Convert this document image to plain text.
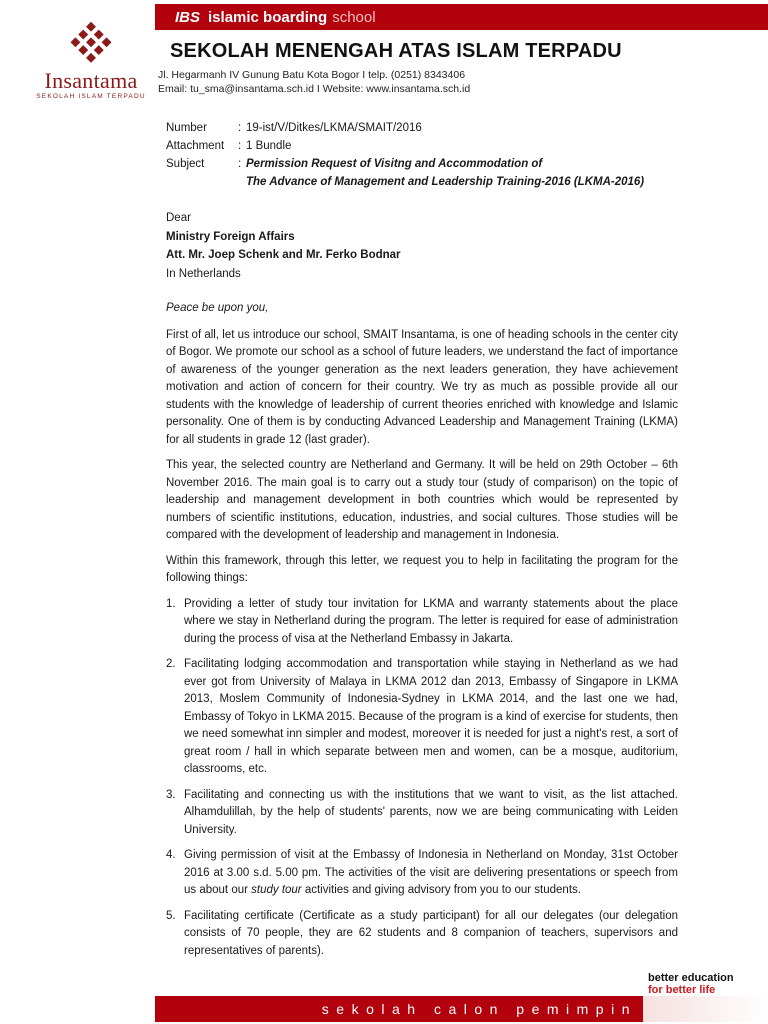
Insantama
SEKOLAH ISLAM TERPADU
IBS islamic boarding school
SEKOLAH MENENGAH ATAS ISLAM TERPADU
Jl. Hegarmanh IV Gunung Batu Kota Bogor I telp. (0251) 8343406
Email: tu_sma@insantama.sch.id I Website: www.insantama.sch.id
Number	: 19-ist/V/Ditkes/LKMA/SMAIT/2016
Attachment	: 1 Bundle
Subject	: Permission Request of Visitng and Accommodation of
The Advance of Management and Leadership Training-2016 (LKMA-2016)
Dear
Ministry Foreign Affairs
Att. Mr. Joep Schenk and Mr. Ferko Bodnar
In Netherlands

Peace be upon you,

First of all, let us introduce our school, SMAIT Insantama, is one of heading schools in the center city of Bogor. We promote our school as a school of future leaders, we understand the fact of importance of awareness of the younger generation as the next leaders generation, they have achievement motivation and action of concern for their country. We try as much as possible provide all our students with the knowledge of leadership of current theories enriched with knowledge and Islamic personality. One of them is by conducting Advanced Leadership and Management Training (LKMA) for all students in grade 12 (last grader).

This year, the selected country are Netherland and Germany. It will be held on 29th October – 6th November 2016. The main goal is to carry out a study tour (study of comparison) on the topic of leadership and management development in both countries which would be represented by numbers of scientific institutions, education, industries, and social cultures. Those studies will be compared with the development of leadership and management in Indonesia.

Within this framework, through this letter, we request you to help in facilitating the program for the following things:

1. Providing a letter of study tour invitation for LKMA and warranty statements about the place where we stay in Netherland during the program. The letter is required for ease of administration during the process of visa at the Netherland Embassy in Jakarta.
2. Facilitating lodging accommodation and transportation while staying in Netherland as we had ever got from University of Malaya in LKMA 2012 dan 2013, Embassy of Singapore in LKMA 2013, Moslem Community of Indonesia-Sydney in LKMA 2014, and the last one we had, Embassy of Tokyo in LKMA 2015. Because of the program is a kind of exercise for students, then we need somewhat inn simpler and modest, moreover it is needed for just a night's rest, a sort of great room / hall in which separate between men and women, can be a mosque, auditorium, classrooms, etc.
3. Facilitating and connecting us with the institutions that we want to visit, as the list attached. Alhamdulillah, by the help of students' parents, now we are being communicating with Leiden University.
4. Giving permission of visit at the Embassy of Indonesia in Netherland on Monday, 31st October 2016 at 3.00 s.d. 5.00 pm. The activities of the visit are delivering presentations or speech from us about our study tour activities and giving advisory from you to our students.
5. Facilitating certificate (Certificate as a study participant) for all our delegates (our delegation consists of 70 people, they are 62 students and 8 companion of teachers, supervisors and representatives of parents).
better education
for better life
sekolah calon pemimpin
